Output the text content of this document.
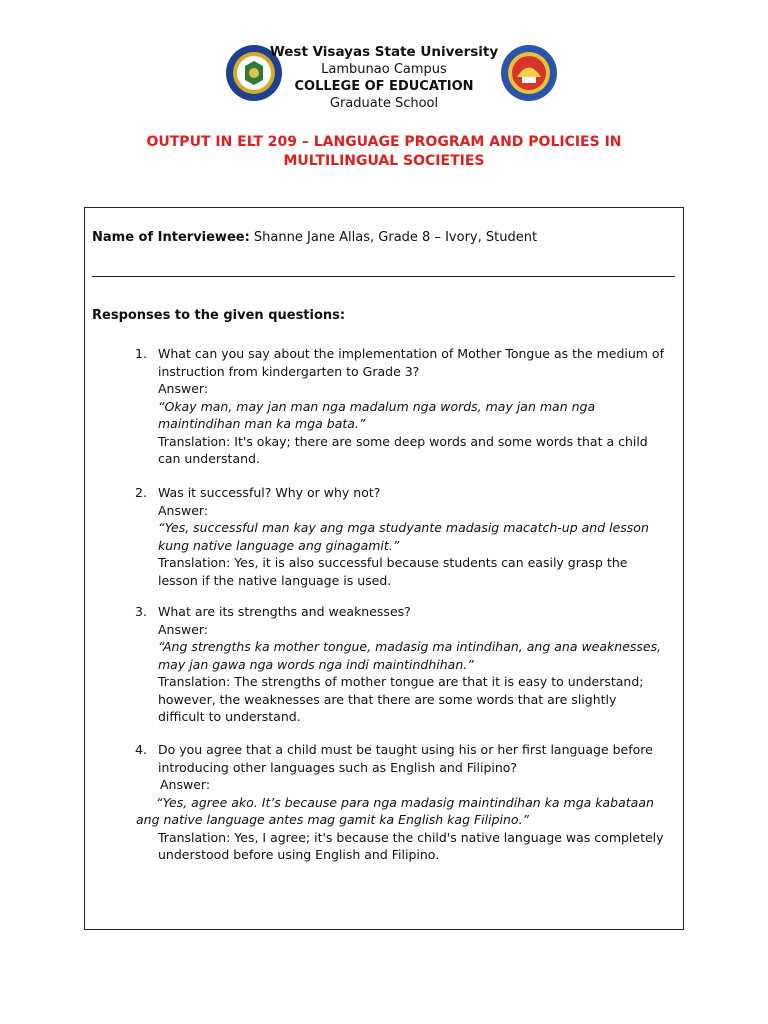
West Visayas State University
Lambunao Campus
COLLEGE OF EDUCATION
Graduate School
OUTPUT IN ELT 209 – LANGUAGE PROGRAM AND POLICIES IN
MULTILINGUAL SOCIETIES
Name of Interviewee: Shanne Jane Allas, Grade 8 – Ivory, Student
Responses to the given questions:
1. What can you say about the implementation of Mother Tongue as the medium of instruction from kindergarten to Grade 3?
Answer:
“Okay man, may jan man nga madalum nga words, may jan man nga maintindihan man ka mga bata.”
Translation: It's okay; there are some deep words and some words that a child can understand.
2. Was it successful? Why or why not?
Answer:
“Yes, successful man kay ang mga studyante madasig macatch-up and lesson kung native language ang ginagamit.”
Translation: Yes, it is also successful because students can easily grasp the lesson if the native language is used.
3. What are its strengths and weaknesses?
Answer:
“Ang strengths ka mother tongue, madasig ma intindihan, ang ana weaknesses, may jan gawa nga words nga indi maintindhihan.”
Translation: The strengths of mother tongue are that it is easy to understand; however, the weaknesses are that there are some words that are slightly difficult to understand.
4. Do you agree that a child must be taught using his or her first language before introducing other languages such as English and Filipino?
Answer:
“Yes, agree ako. It’s because para nga madasig maintindihan ka mga kabataan ang native language antes mag gamit ka English kag Filipino.”
Translation: Yes, I agree; it's because the child's native language was completely understood before using English and Filipino.
